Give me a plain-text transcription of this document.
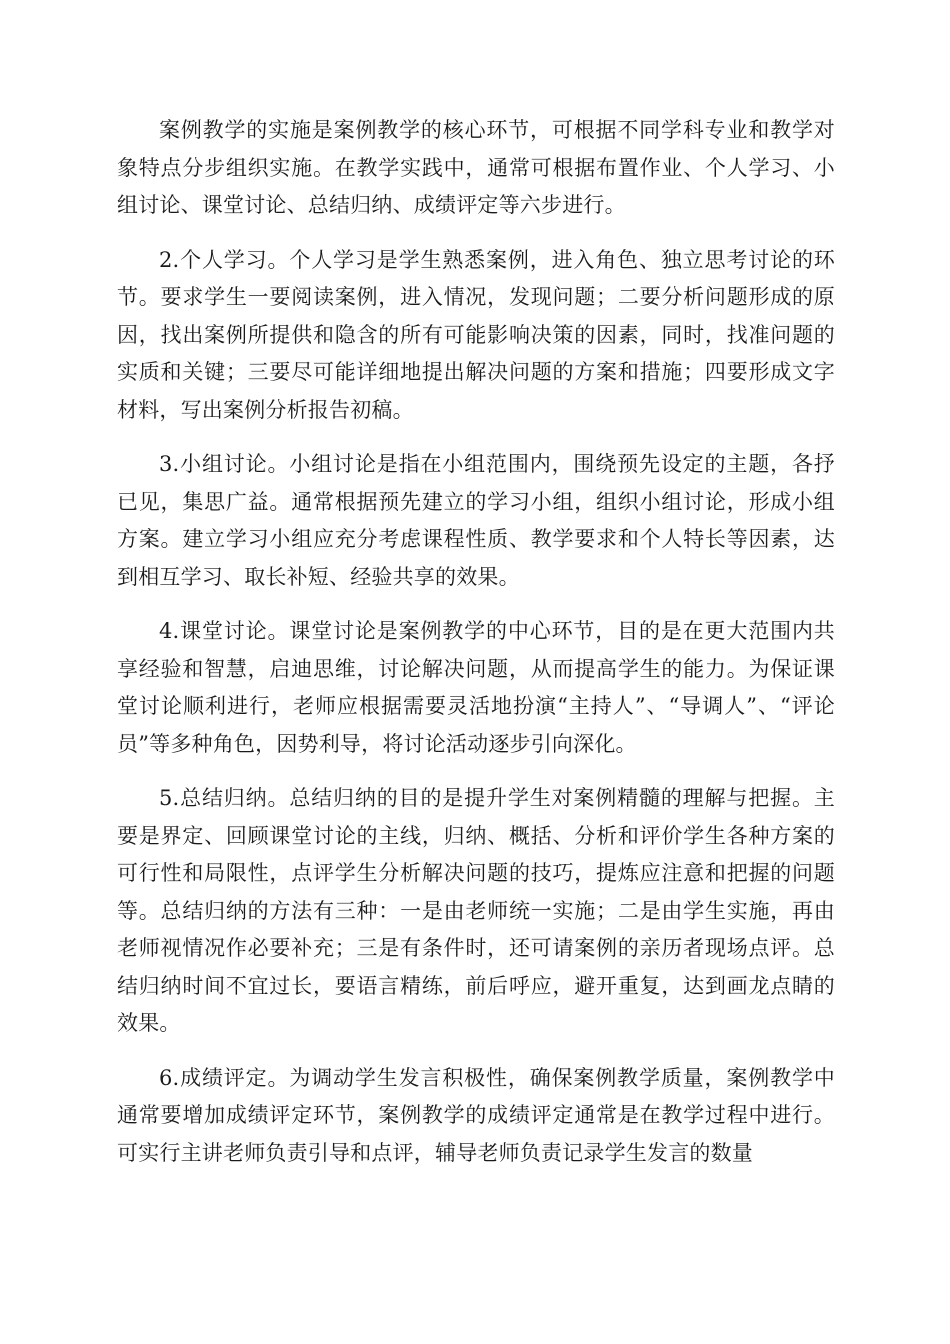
案例教学的实施是案例教学的核心环节，可根据不同学科专业和教学对象特点分步组织实施。在教学实践中，通常可根据布置作业、个人学习、小组讨论、课堂讨论、总结归纳、成绩评定等六步进行。

2.个人学习。个人学习是学生熟悉案例，进入角色、独立思考讨论的环节。要求学生一要阅读案例，进入情况，发现问题；二要分析问题形成的原因，找出案例所提供和隐含的所有可能影响决策的因素，同时，找准问题的实质和关键；三要尽可能详细地提出解决问题的方案和措施；四要形成文字材料，写出案例分析报告初稿。

3.小组讨论。小组讨论是指在小组范围内，围绕预先设定的主题，各抒已见，集思广益。通常根据预先建立的学习小组，组织小组讨论，形成小组方案。建立学习小组应充分考虑课程性质、教学要求和个人特长等因素，达到相互学习、取长补短、经验共享的效果。

4.课堂讨论。课堂讨论是案例教学的中心环节，目的是在更大范围内共享经验和智慧，启迪思维，讨论解决问题，从而提高学生的能力。为保证课堂讨论顺利进行，老师应根据需要灵活地扮演“主持人”、“导调人”、“评论员”等多种角色，因势利导，将讨论活动逐步引向深化。

5.总结归纳。总结归纳的目的是提升学生对案例精髓的理解与把握。主要是界定、回顾课堂讨论的主线，归纳、概括、分析和评价学生各种方案的可行性和局限性，点评学生分析解决问题的技巧，提炼应注意和把握的问题等。总结归纳的方法有三种：一是由老师统一实施；二是由学生实施，再由老师视情况作必要补充；三是有条件时，还可请案例的亲历者现场点评。总结归纳时间不宜过长，要语言精练，前后呼应，避开重复，达到画龙点睛的效果。

6.成绩评定。为调动学生发言积极性，确保案例教学质量，案例教学中通常要增加成绩评定环节，案例教学的成绩评定通常是在教学过程中进行。可实行主讲老师负责引导和点评，辅导老师负责记录学生发言的数量
